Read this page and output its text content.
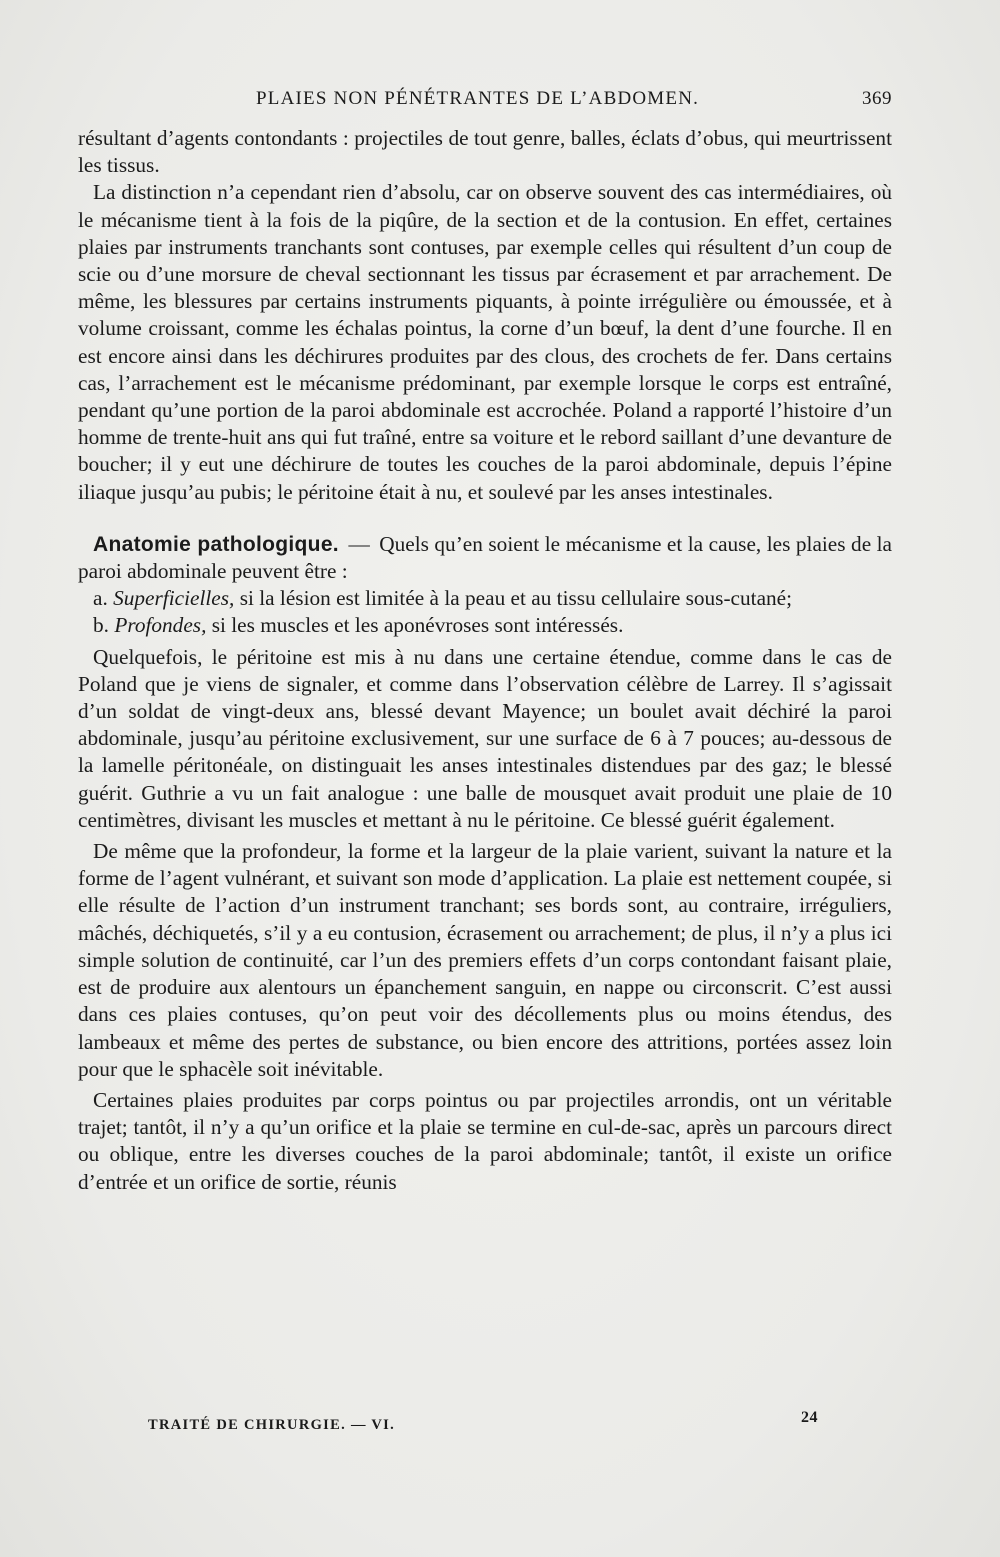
PLAIES NON PÉNÉTRANTES DE L’ABDOMEN.	369

résultant d’agents contondants : projectiles de tout genre, balles, éclats d’obus, qui meurtrissent les tissus.

La distinction n’a cependant rien d’absolu, car on observe souvent des cas intermédiaires, où le mécanisme tient à la fois de la piqûre, de la section et de la contusion. En effet, certaines plaies par instruments tranchants sont contuses, par exemple celles qui résultent d’un coup de scie ou d’une morsure de cheval sectionnant les tissus par écrasement et par arrachement. De même, les blessures par certains instruments piquants, à pointe irrégulière ou émoussée, et à volume croissant, comme les échalas pointus, la corne d’un bœuf, la dent d’une fourche. Il en est encore ainsi dans les déchirures produites par des clous, des crochets de fer. Dans certains cas, l’arrachement est le mécanisme prédominant, par exemple lorsque le corps est entraîné, pendant qu’une portion de la paroi abdominale est accrochée. Poland a rapporté l’histoire d’un homme de trente-huit ans qui fut traîné, entre sa voiture et le rebord saillant d’une devanture de boucher; il y eut une déchirure de toutes les couches de la paroi abdominale, depuis l’épine iliaque jusqu’au pubis; le péritoine était à nu, et soulevé par les anses intestinales.

Anatomie pathologique. — Quels qu’en soient le mécanisme et la cause, les plaies de la paroi abdominale peuvent être :

a. Superficielles, si la lésion est limitée à la peau et au tissu cellulaire sous-cutané;

b. Profondes, si les muscles et les aponévroses sont intéressés.

Quelquefois, le péritoine est mis à nu dans une certaine étendue, comme dans le cas de Poland que je viens de signaler, et comme dans l’observation célèbre de Larrey. Il s’agissait d’un soldat de vingt-deux ans, blessé devant Mayence; un boulet avait déchiré la paroi abdominale, jusqu’au péritoine exclusivement, sur une surface de 6 à 7 pouces; au-dessous de la lamelle péritonéale, on distinguait les anses intestinales distendues par des gaz; le blessé guérit. Guthrie a vu un fait analogue : une balle de mousquet avait produit une plaie de 10 centimètres, divisant les muscles et mettant à nu le péritoine. Ce blessé guérit également.

De même que la profondeur, la forme et la largeur de la plaie varient, suivant la nature et la forme de l’agent vulnérant, et suivant son mode d’application. La plaie est nettement coupée, si elle résulte de l’action d’un instrument tranchant; ses bords sont, au contraire, irréguliers, mâchés, déchiquetés, s’il y a eu contusion, écrasement ou arrachement; de plus, il n’y a plus ici simple solution de continuité, car l’un des premiers effets d’un corps contondant faisant plaie, est de produire aux alentours un épanchement sanguin, en nappe ou circonscrit. C’est aussi dans ces plaies contuses, qu’on peut voir des décollements plus ou moins étendus, des lambeaux et même des pertes de substance, ou bien encore des attritions, portées assez loin pour que le sphacèle soit inévitable.

Certaines plaies produites par corps pointus ou par projectiles arrondis, ont un véritable trajet; tantôt, il n’y a qu’un orifice et la plaie se termine en cul-de-sac, après un parcours direct ou oblique, entre les diverses couches de la paroi abdominale; tantôt, il existe un orifice d’entrée et un orifice de sortie, réunis

TRAITÉ DE CHIRURGIE. — VI.	24
